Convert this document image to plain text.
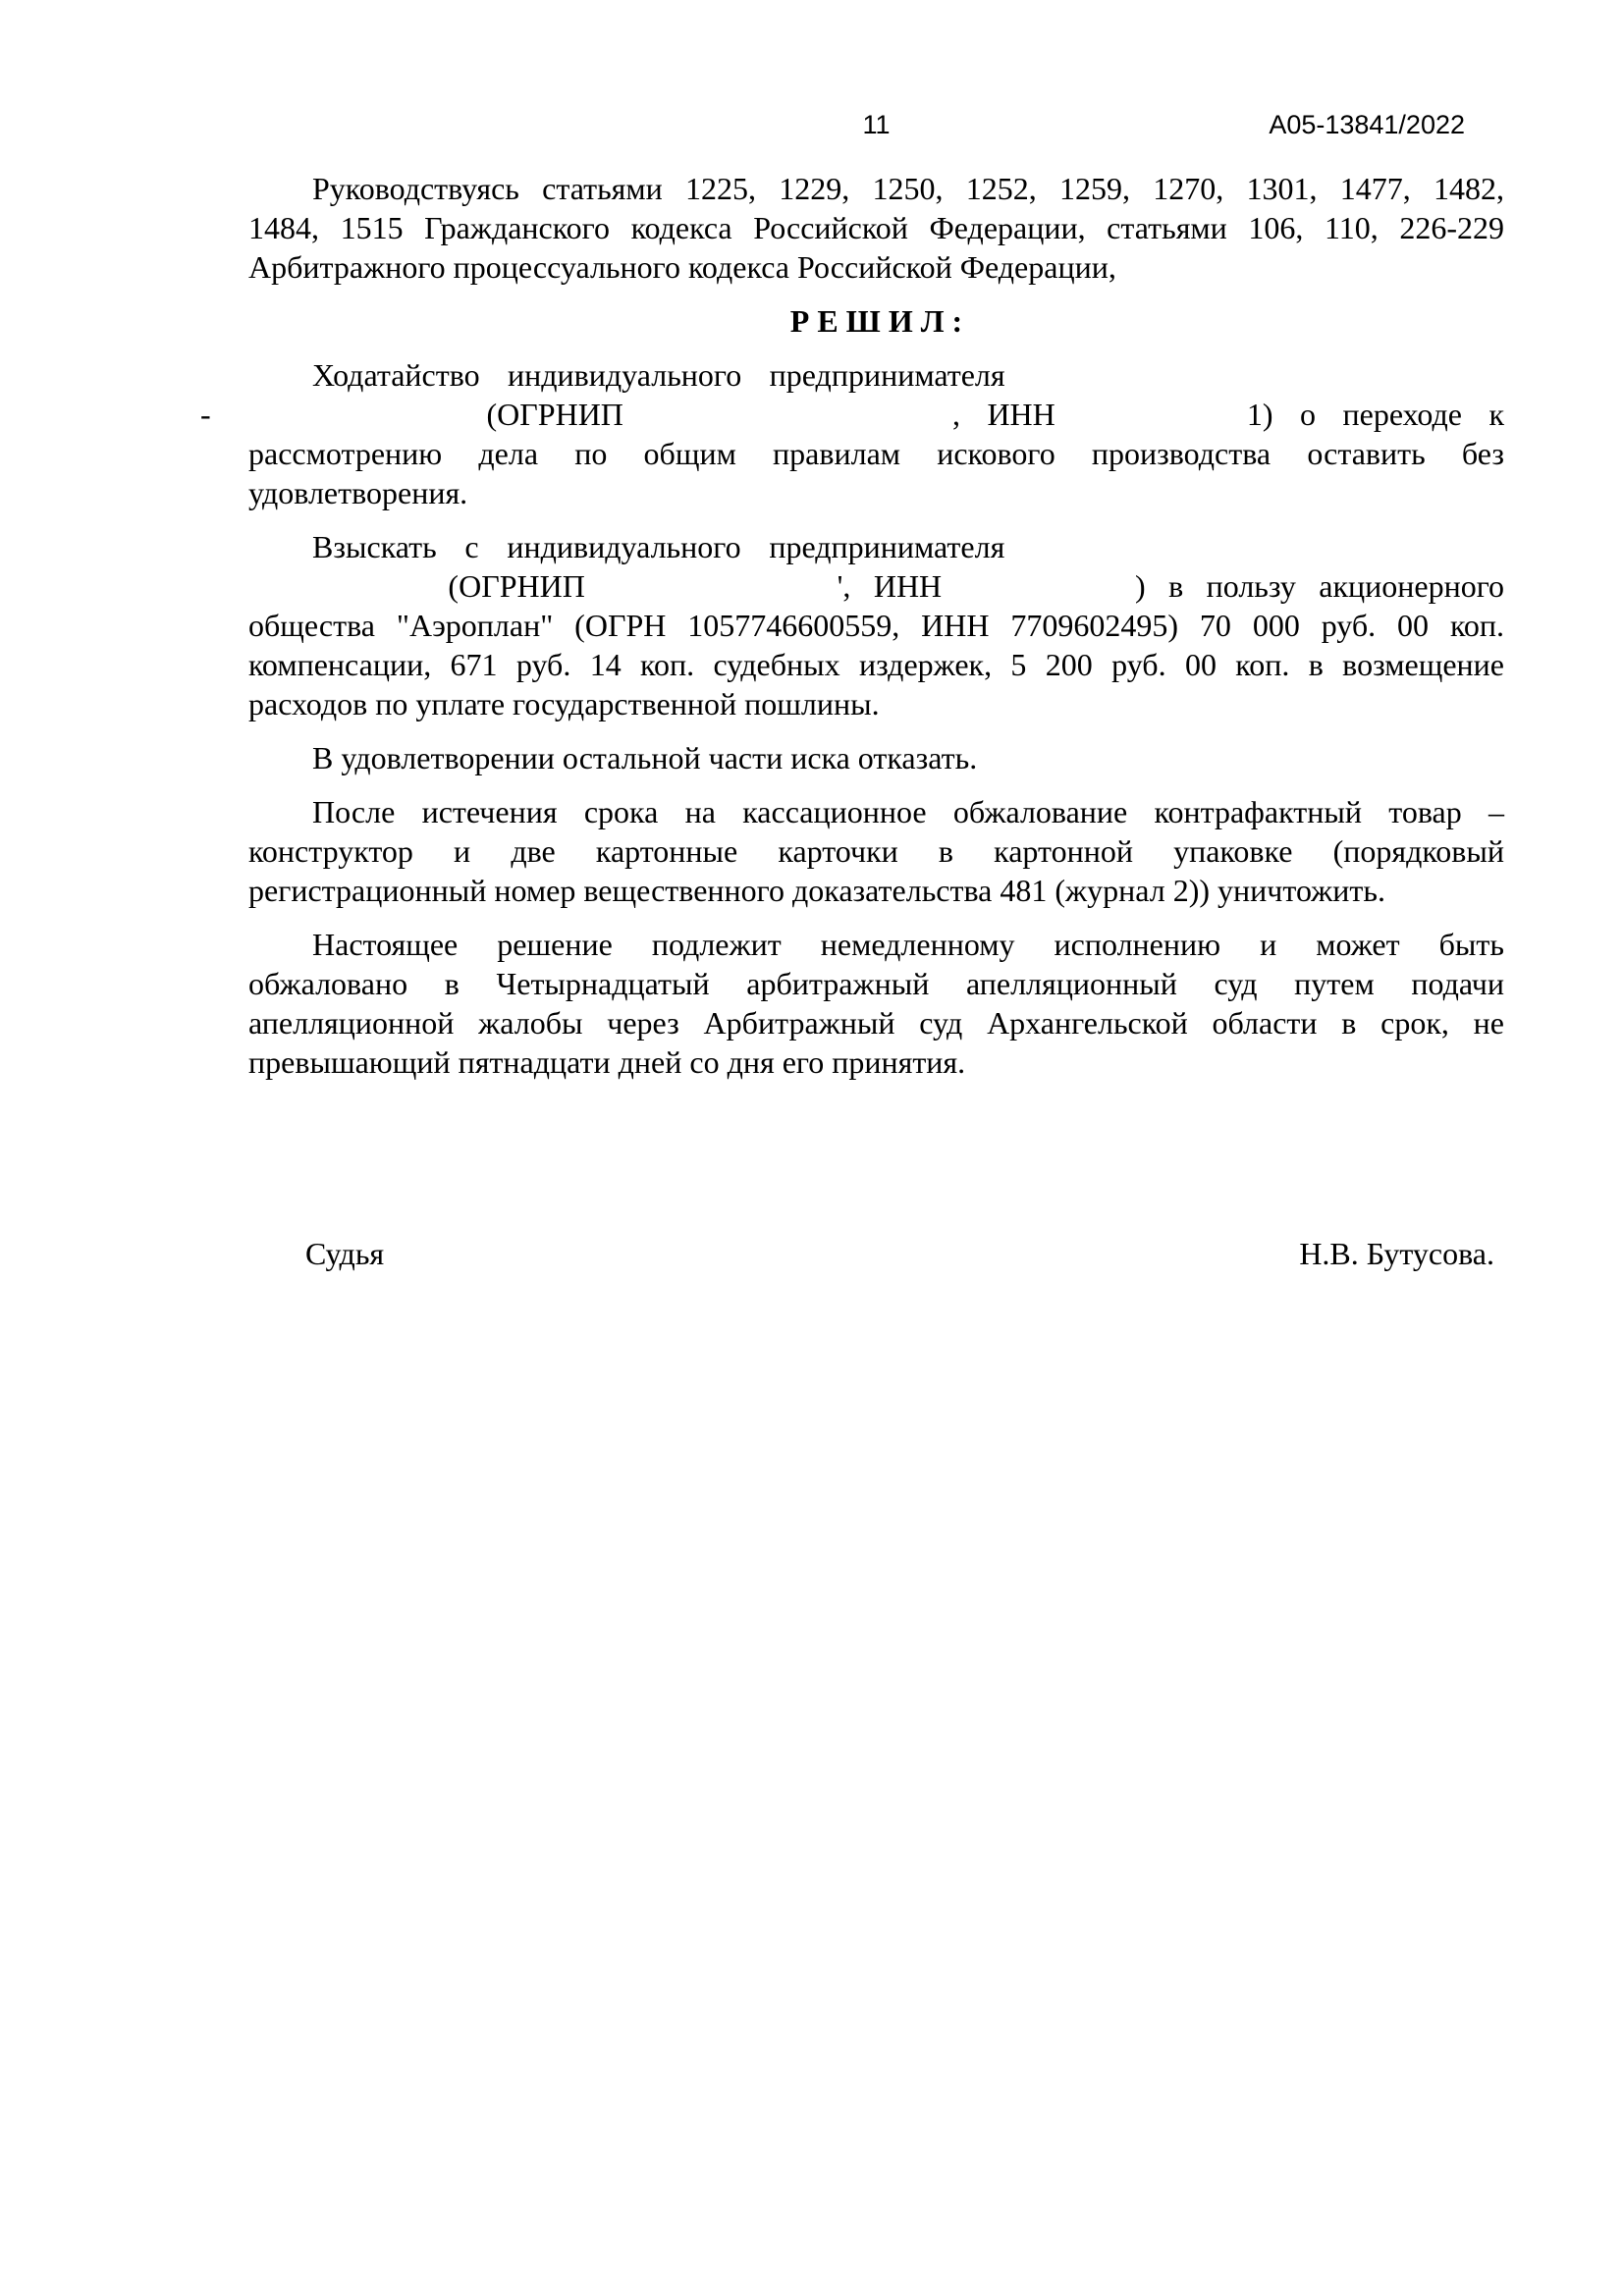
11	А05-13841/2022
Руководствуясь статьями 1225, 1229, 1250, 1252, 1259, 1270, 1301, 1477, 1482,
1484, 1515 Гражданского кодекса Российской Федерации, статьями 106, 110, 226-229
Арбитражного процессуального кодекса Российской Федерации,
Р Е Ш И Л :
Ходатайство индивидуального предпринимателя
(ОГРНИП	, ИНН	1) о переходе к
рассмотрению дела по общим правилам искового производства оставить без
удовлетворения.
Взыскать с индивидуального предпринимателя
(ОГРНИП	', ИНН	) в пользу акционерного
общества "Аэроплан" (ОГРН 1057746600559, ИНН 7709602495) 70 000 руб. 00 коп.
компенсации, 671 руб. 14 коп. судебных издержек, 5 200 руб. 00 коп. в возмещение
расходов по уплате государственной пошлины.
В удовлетворении остальной части иска отказать.
После истечения срока на кассационное обжалование контрафактный товар –
конструктор и две картонные карточки в картонной упаковке (порядковый
регистрационный номер вещественного доказательства 481 (журнал 2)) уничтожить.
Настоящее решение подлежит немедленному исполнению и может быть
обжаловано в Четырнадцатый арбитражный апелляционный суд путем подачи
апелляционной жалобы через Арбитражный суд Архангельской области в срок, не
превышающий пятнадцати дней со дня его принятия.
-
Судья	Н.В. Бутусова.
